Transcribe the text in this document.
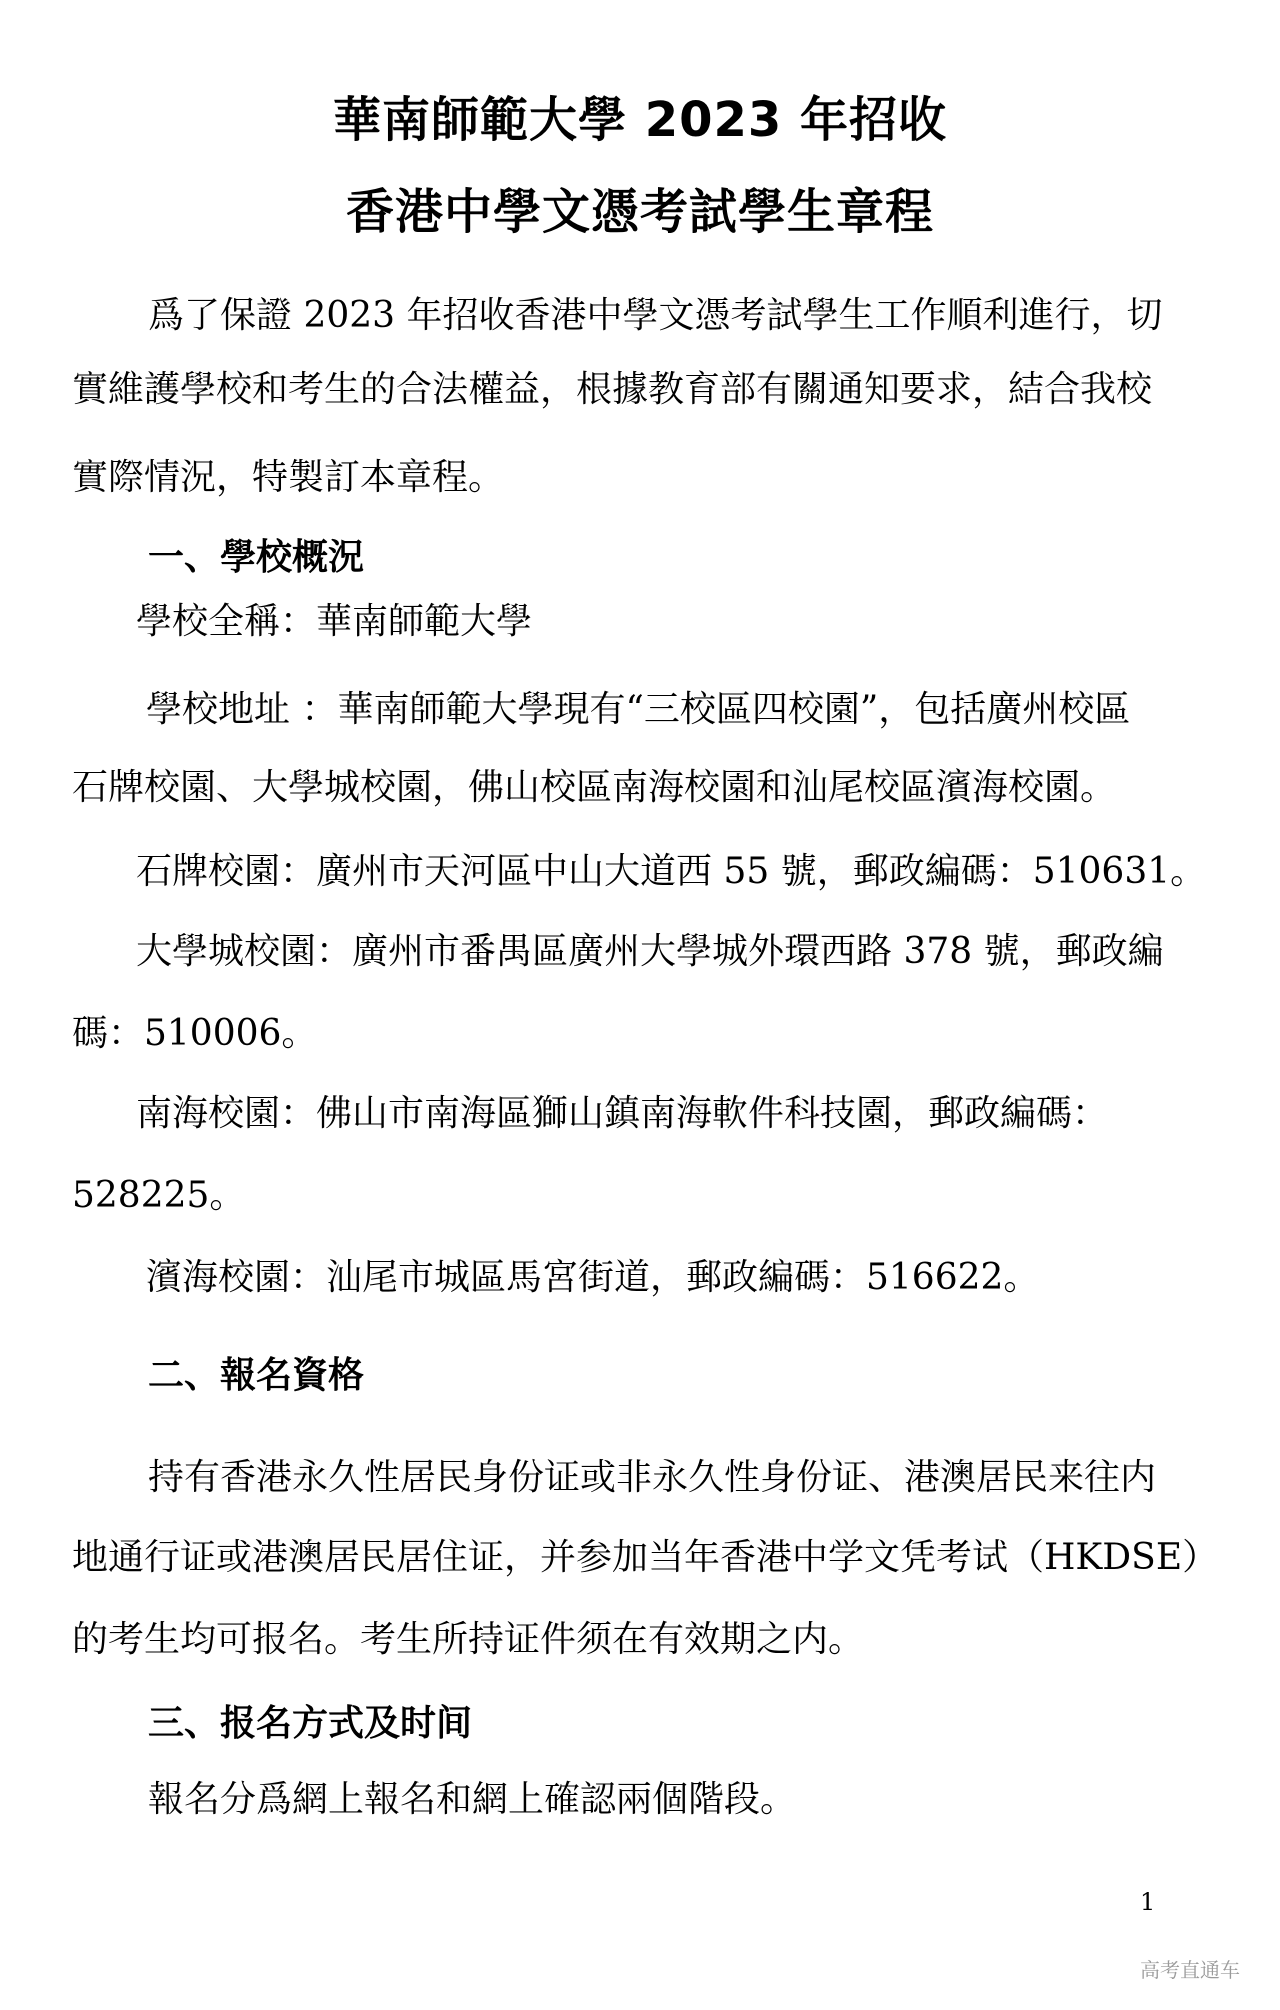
華南師範大學 2023 年招收
香港中學文憑考試學生章程
爲了保證 2023 年招收香港中學文憑考試學生工作順利進行，切
實維護學校和考生的合法權益，根據教育部有關通知要求，結合我校
實際情況，特製訂本章程。
一、學校概況
學校全稱：華南師範大學
學校地址 ：華南師範大學現有“三校區四校園”，包括廣州校區
石牌校園、大學城校園，佛山校區南海校園和汕尾校區濱海校園。
石牌校園：廣州市天河區中山大道西 55 號，郵政編碼：510631。
大學城校園：廣州市番禺區廣州大學城外環西路 378 號，郵政編
碼：510006。
南海校園：佛山市南海區獅山鎮南海軟件科技園，郵政編碼：
528225。
濱海校園：汕尾市城區馬宮街道，郵政編碼：516622。
二、報名資格
持有香港永久性居民身份证或非永久性身份证、港澳居民来往内
地通行证或港澳居民居住证，并参加当年香港中学文凭考试（HKDSE）
的考生均可报名。考生所持证件须在有效期之内。
三、报名方式及时间
報名分爲網上報名和網上確認兩個階段。
1
高考直通车
